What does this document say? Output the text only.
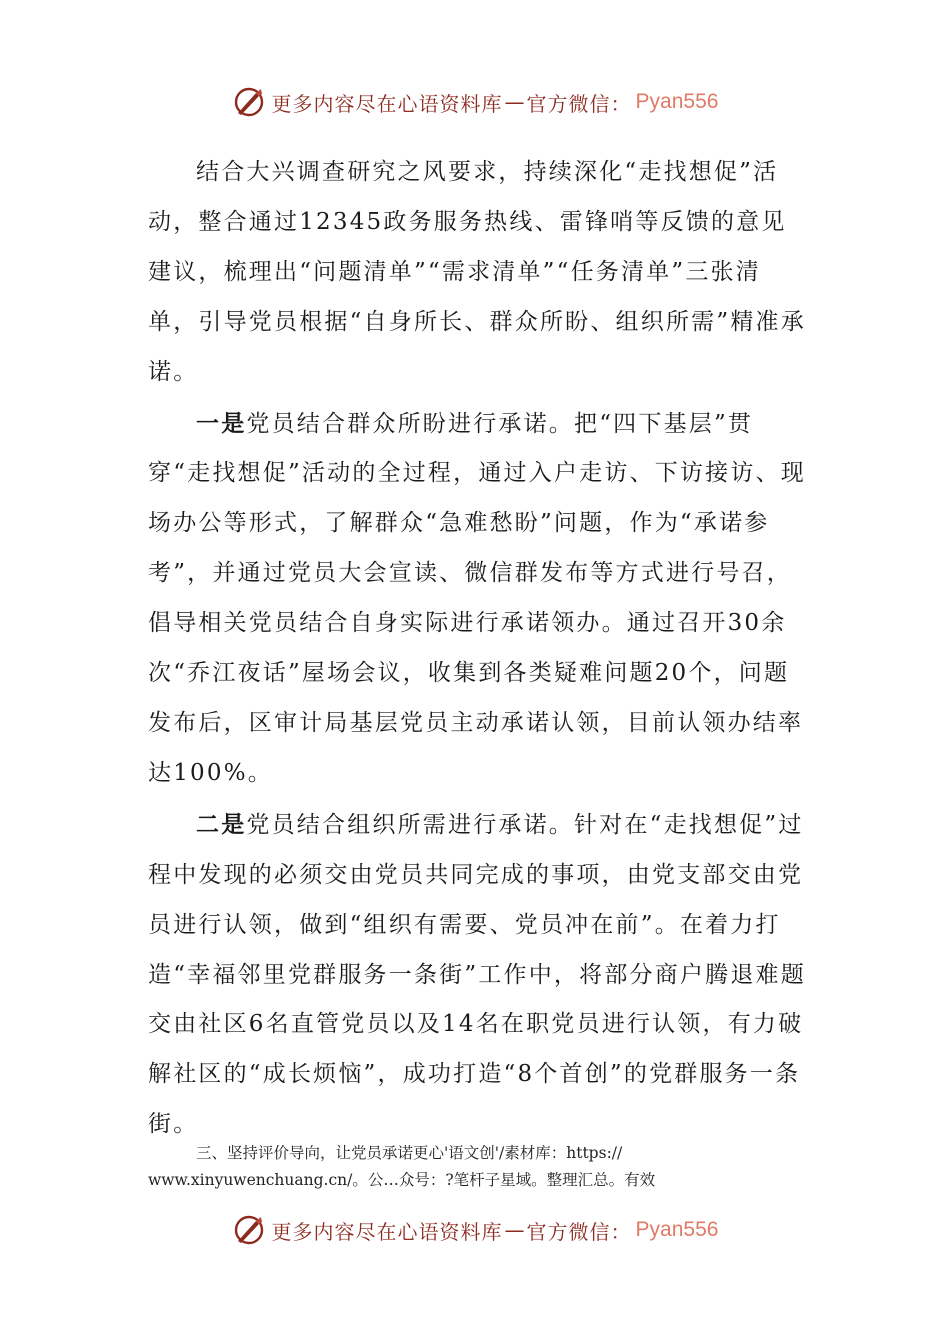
更多内容尽在心语资料库 — 官方微信： Pyan556

结合大兴调查研究之风要求，持续深化“走找想促”活动，整合通过12345政务服务热线、雷锋哨等反馈的意见建议，梳理出“问题清单”“需求清单”“任务清单”三张清单，引导党员根据“自身所长、群众所盼、组织所需”精准承诺。

一是党员结合群众所盼进行承诺。把“四下基层”贯穿“走找想促”活动的全过程，通过入户走访、下访接访、现场办公等形式，了解群众“急难愁盼”问题，作为“承诺参考”，并通过党员大会宣读、微信群发布等方式进行号召，倡导相关党员结合自身实际进行承诺领办。通过召开30余次“乔江夜话”屋场会议，收集到各类疑难问题20个，问题发布后，区审计局基层党员主动承诺认领，目前认领办结率达100%。

二是党员结合组织所需进行承诺。针对在“走找想促”过程中发现的必须交由党员共同完成的事项，由党支部交由党员进行认领，做到“组织有需要、党员冲在前”。在着力打造“幸福邻里党群服务一条街”工作中，将部分商户腾退难题交由社区6名直管党员以及14名在职党员进行认领，有力破解社区的“成长烦恼”，成功打造“8个首创”的党群服务一条街。

三、坚持评价导向，让党员承诺更心'语文创'/素材库：https://
www.xinyuwenchuang.cn/。公…众号：?笔杆子星域。整理汇总。有效
更多内容尽在心语资料库 — 官方微信： Pyan556
